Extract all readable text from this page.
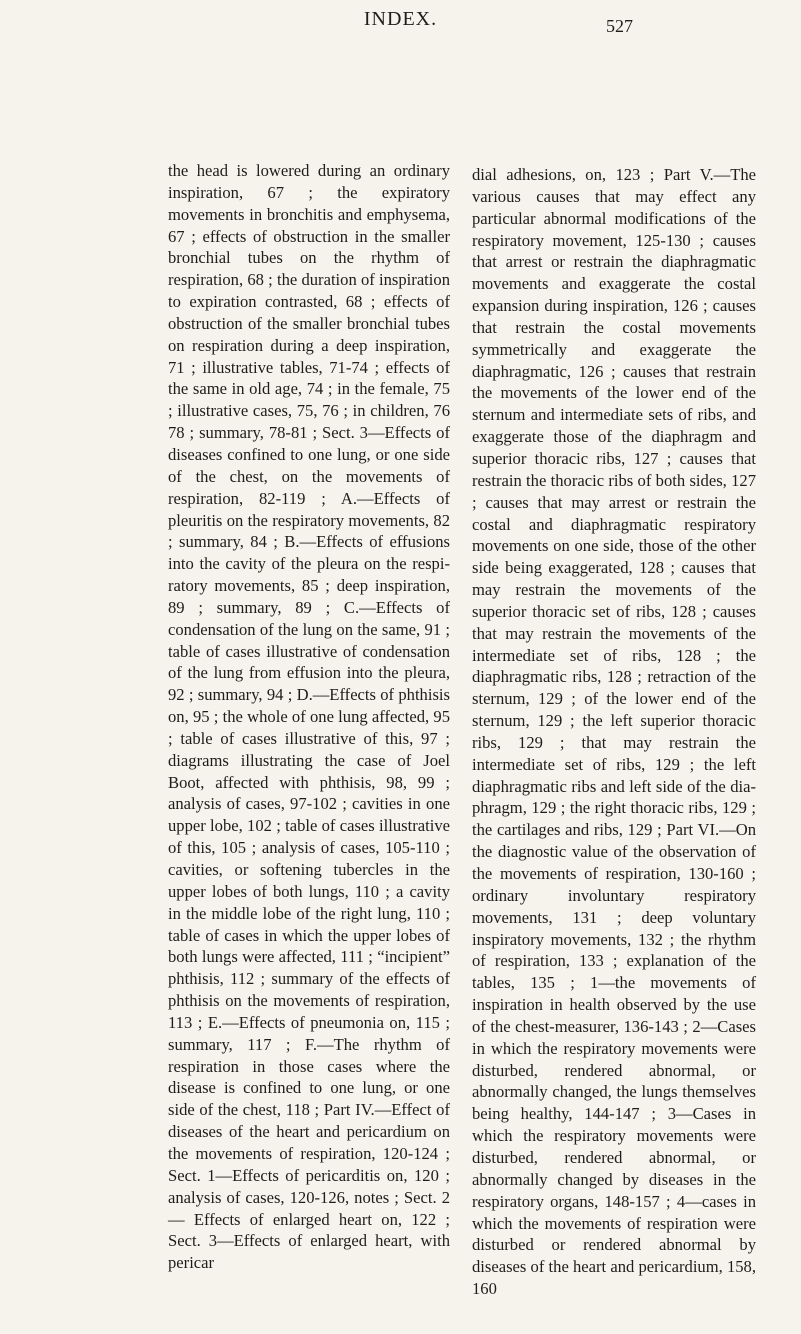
INDEX.	527

the head is lowered during an ordinary inspiration, 67 ; the expiratory movements in bronchitis and emphysema, 67 ; effects of obstruction in the smaller bronchial tubes on the rhythm of respiration, 68 ; the duration of inspiration to expiration contrasted, 68 ; effects of obstruction of the smaller bronchial tubes on respiration during a deep inspiration, 71 ; illustrative tables, 71-74 ; effects of the same in old age, 74 ; in the female, 75 ; illustrative cases, 75, 76 ; in children, 76 78 ; summary, 78-81 ; Sect. 3—Effects of diseases confined to one lung, or one side of the chest, on the movements of respiration, 82-119 ; A.—Effects of pleuritis on the respiratory movements, 82 ; summary, 84 ; B.—Effects of effusions into the cavity of the pleura on the respiratory movements, 85 ; deep inspiration, 89 ; summary, 89 ; C.—Effects of condensation of the lung on the same, 91 ; table of cases illustrative of condensation of the lung from effusion into the pleura, 92 ; summary, 94 ; D.—Effects of phthisis on, 95 ; the whole of one lung affected, 95 ; table of cases illustrative of this, 97 ; diagrams illustrating the case of Joel Boot, affected with phthisis, 98, 99 ; analysis of cases, 97-102 ; cavities in one upper lobe, 102 ; table of cases illustrative of this, 105 ; analysis of cases, 105-110 ; cavities, or softening tubercles in the upper lobes of both lungs, 110 ; a cavity in the middle lobe of the right lung, 110 ; table of cases in which the upper lobes of both lungs were affected, 111 ; “incipient” phthisis, 112 ; summary of the effects of phthisis on the movements of respiration, 113 ; E.—Effects of pneumonia on, 115 ; summary, 117 ; F.—The rhythm of respiration in those cases where the disease is confined to one lung, or one side of the chest, 118 ; Part IV.—Effect of diseases of the heart and pericardium on the movements of respiration, 120-124 ; Sect. 1—Effects of pericarditis on, 120 ; analysis of cases, 120-126, notes ; Sect. 2 — Effects of enlarged heart on, 122 ; Sect. 3—Effects of enlarged heart, with pericar

dial adhesions, on, 123 ; Part V.—The various causes that may effect any particular abnormal modifications of the respiratory movement, 125-130 ; causes that arrest or restrain the diaphragmatic movements and exaggerate the costal expansion during inspiration, 126 ; causes that restrain the costal movements symmetrically and exaggerate the diaphragmatic, 126 ; causes that restrain the movements of the lower end of the sternum and intermediate sets of ribs, and exaggerate those of the diaphragm and superior thoracic ribs, 127 ; causes that restrain the thoracic ribs of both sides, 127 ; causes that may arrest or restrain the costal and diaphragmatic respiratory movements on one side, those of the other side being exaggerated, 128 ; causes that may restrain the movements of the superior thoracic set of ribs, 128 ; causes that may restrain the movements of the intermediate set of ribs, 128 ; the diaphragmatic ribs, 128 ; retraction of the sternum, 129 ; of the lower end of the sternum, 129 ; the left superior thoracic ribs, 129 ; that may restrain the intermediate set of ribs, 129 ; the left diaphragmatic ribs and left side of the diaphragm, 129 ; the right thoracic ribs, 129 ; the cartilages and ribs, 129 ; Part VI.—On the diagnostic value of the observation of the movements of respiration, 130-160 ; ordinary involuntary respiratory movements, 131 ; deep voluntary inspiratory movements, 132 ; the rhythm of respiration, 133 ; explanation of the tables, 135 ; 1—the movements of inspiration in health observed by the use of the chest-measurer, 136-143 ; 2—Cases in which the respiratory movements were disturbed, rendered abnormal, or abnormally changed, the lungs themselves being healthy, 144-147 ; 3—Cases in which the respiratory movements were disturbed, rendered abnormal, or abnormally changed by diseases in the respiratory organs, 148-157 ; 4—cases in which the movements of respiration were disturbed or rendered abnormal by diseases of the heart and pericardium, 158, 160
